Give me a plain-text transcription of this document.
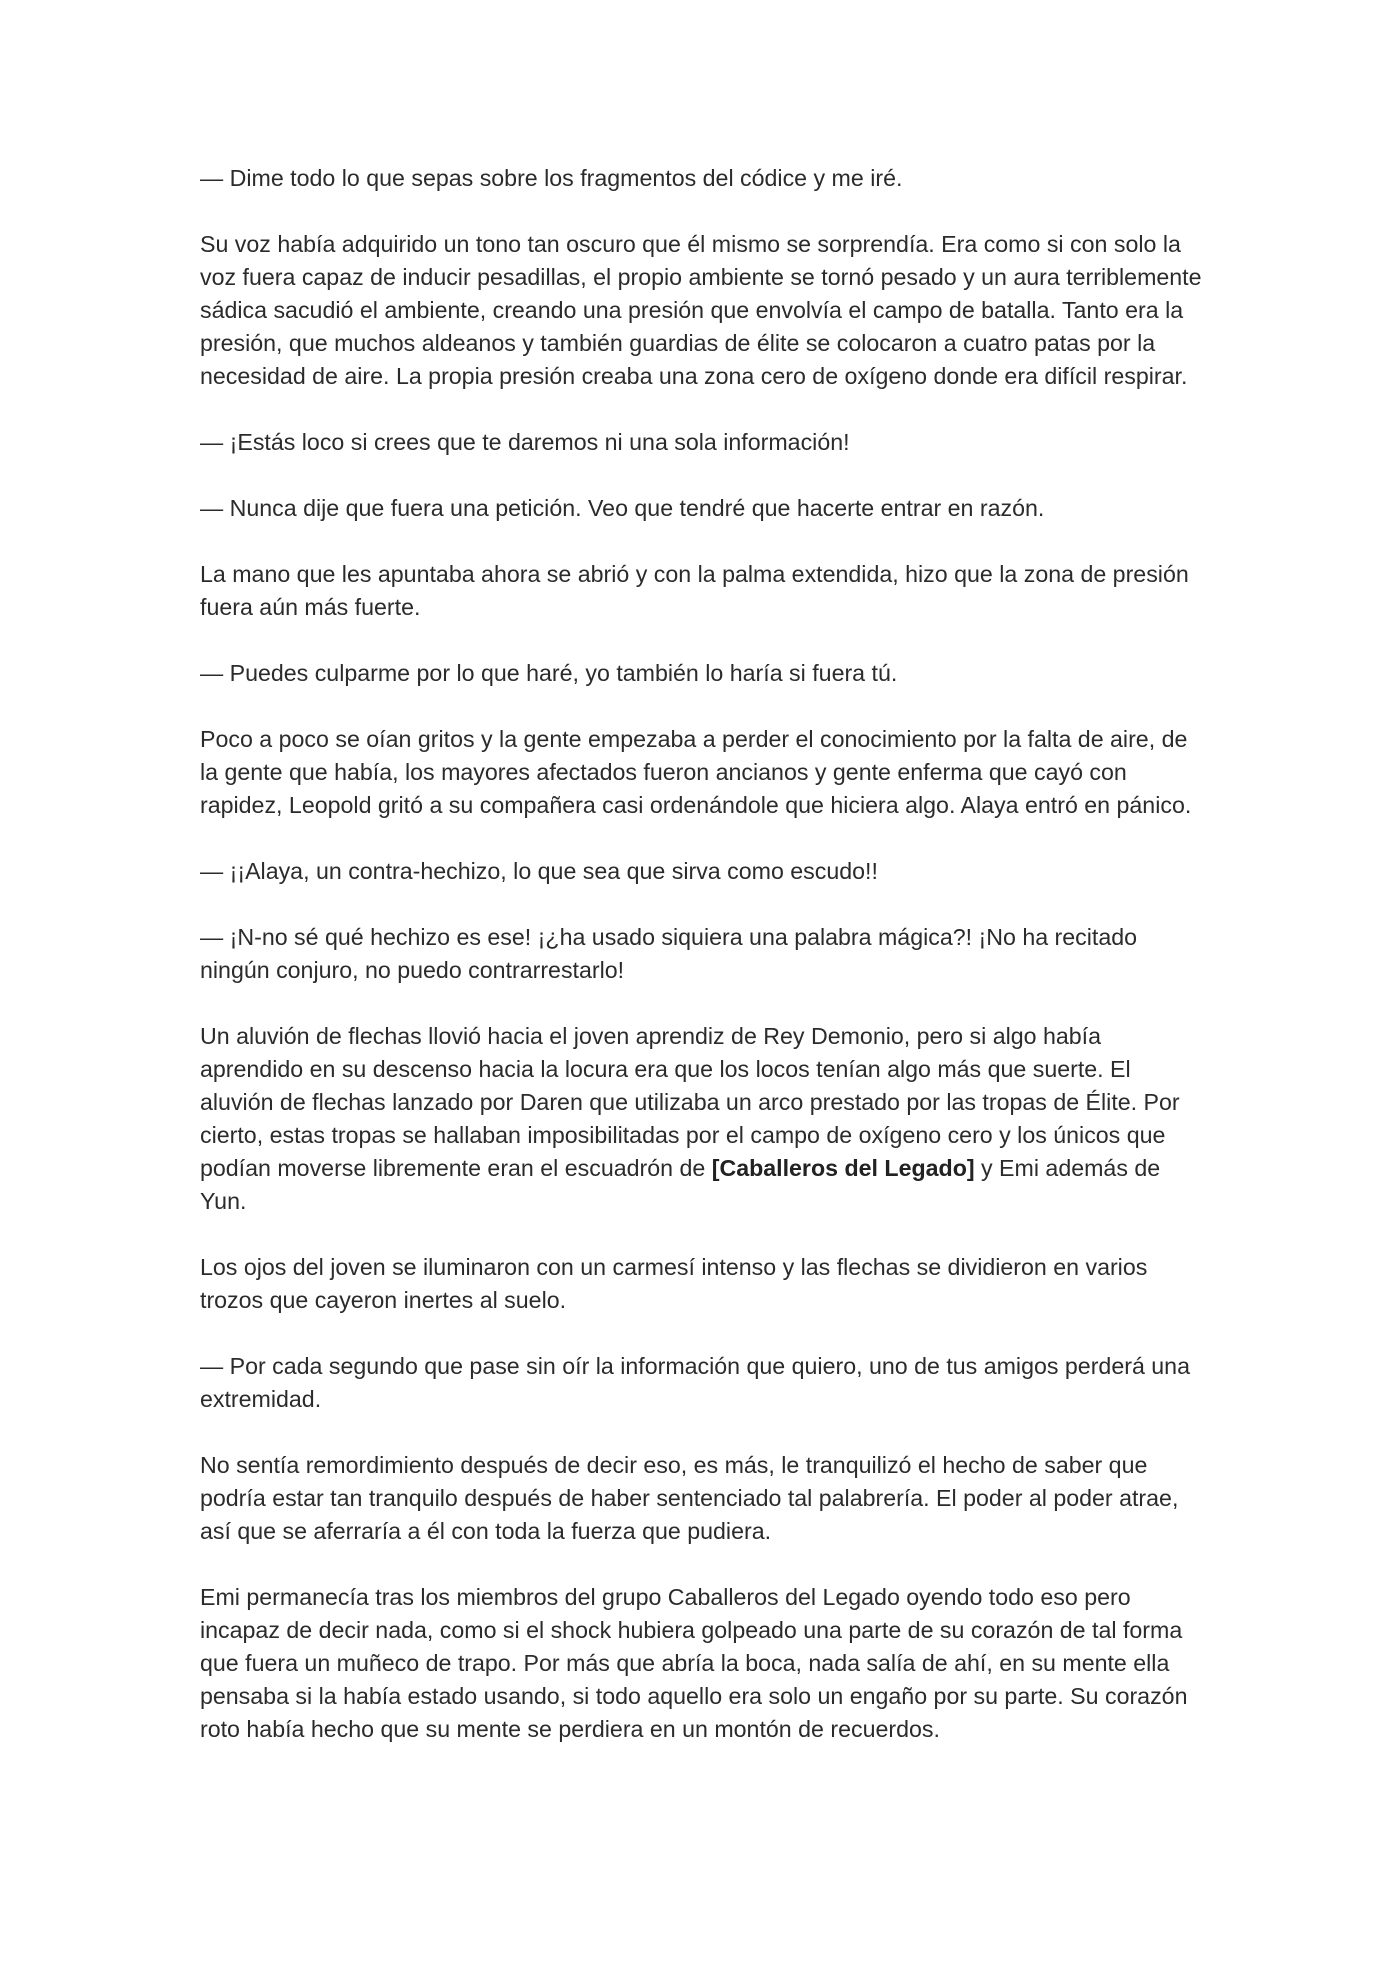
— Dime todo lo que sepas sobre los fragmentos del códice y me iré.

Su voz había adquirido un tono tan oscuro que él mismo se sorprendía. Era como si con solo la voz fuera capaz de inducir pesadillas, el propio ambiente se tornó pesado y un aura terriblemente sádica sacudió el ambiente, creando una presión que envolvía el campo de batalla. Tanto era la presión, que muchos aldeanos y también guardias de élite se colocaron a cuatro patas por la necesidad de aire. La propia presión creaba una zona cero de oxígeno donde era difícil respirar.

— ¡Estás loco si crees que te daremos ni una sola información!

— Nunca dije que fuera una petición. Veo que tendré que hacerte entrar en razón.

La mano que les apuntaba ahora se abrió y con la palma extendida, hizo que la zona de presión fuera aún más fuerte.

— Puedes culparme por lo que haré, yo también lo haría si fuera tú.

Poco a poco se oían gritos y la gente empezaba a perder el conocimiento por la falta de aire, de la gente que había, los mayores afectados fueron ancianos y gente enferma que cayó con rapidez, Leopold gritó a su compañera casi ordenándole que hiciera algo. Alaya entró en pánico.

— ¡¡Alaya, un contra-hechizo, lo que sea que sirva como escudo!!

— ¡N-no sé qué hechizo es ese! ¡¿ha usado siquiera una palabra mágica?! ¡No ha recitado ningún conjuro, no puedo contrarrestarlo!

Un aluvión de flechas llovió hacia el joven aprendiz de Rey Demonio, pero si algo había aprendido en su descenso hacia la locura era que los locos tenían algo más que suerte. El aluvión de flechas lanzado por Daren que utilizaba un arco prestado por las tropas de Élite. Por cierto, estas tropas se hallaban imposibilitadas por el campo de oxígeno cero y los únicos que podían moverse libremente eran el escuadrón de [Caballeros del Legado] y Emi además de Yun.

Los ojos del joven se iluminaron con un carmesí intenso y las flechas se dividieron en varios trozos que cayeron inertes al suelo.

— Por cada segundo que pase sin oír la información que quiero, uno de tus amigos perderá una extremidad.

No sentía remordimiento después de decir eso, es más, le tranquilizó el hecho de saber que podría estar tan tranquilo después de haber sentenciado tal palabrería. El poder al poder atrae, así que se aferraría a él con toda la fuerza que pudiera.

Emi permanecía tras los miembros del grupo Caballeros del Legado oyendo todo eso pero incapaz de decir nada, como si el shock hubiera golpeado una parte de su corazón de tal forma que fuera un muñeco de trapo. Por más que abría la boca, nada salía de ahí, en su mente ella pensaba si la había estado usando, si todo aquello era solo un engaño por su parte. Su corazón roto había hecho que su mente se perdiera en un montón de recuerdos.
